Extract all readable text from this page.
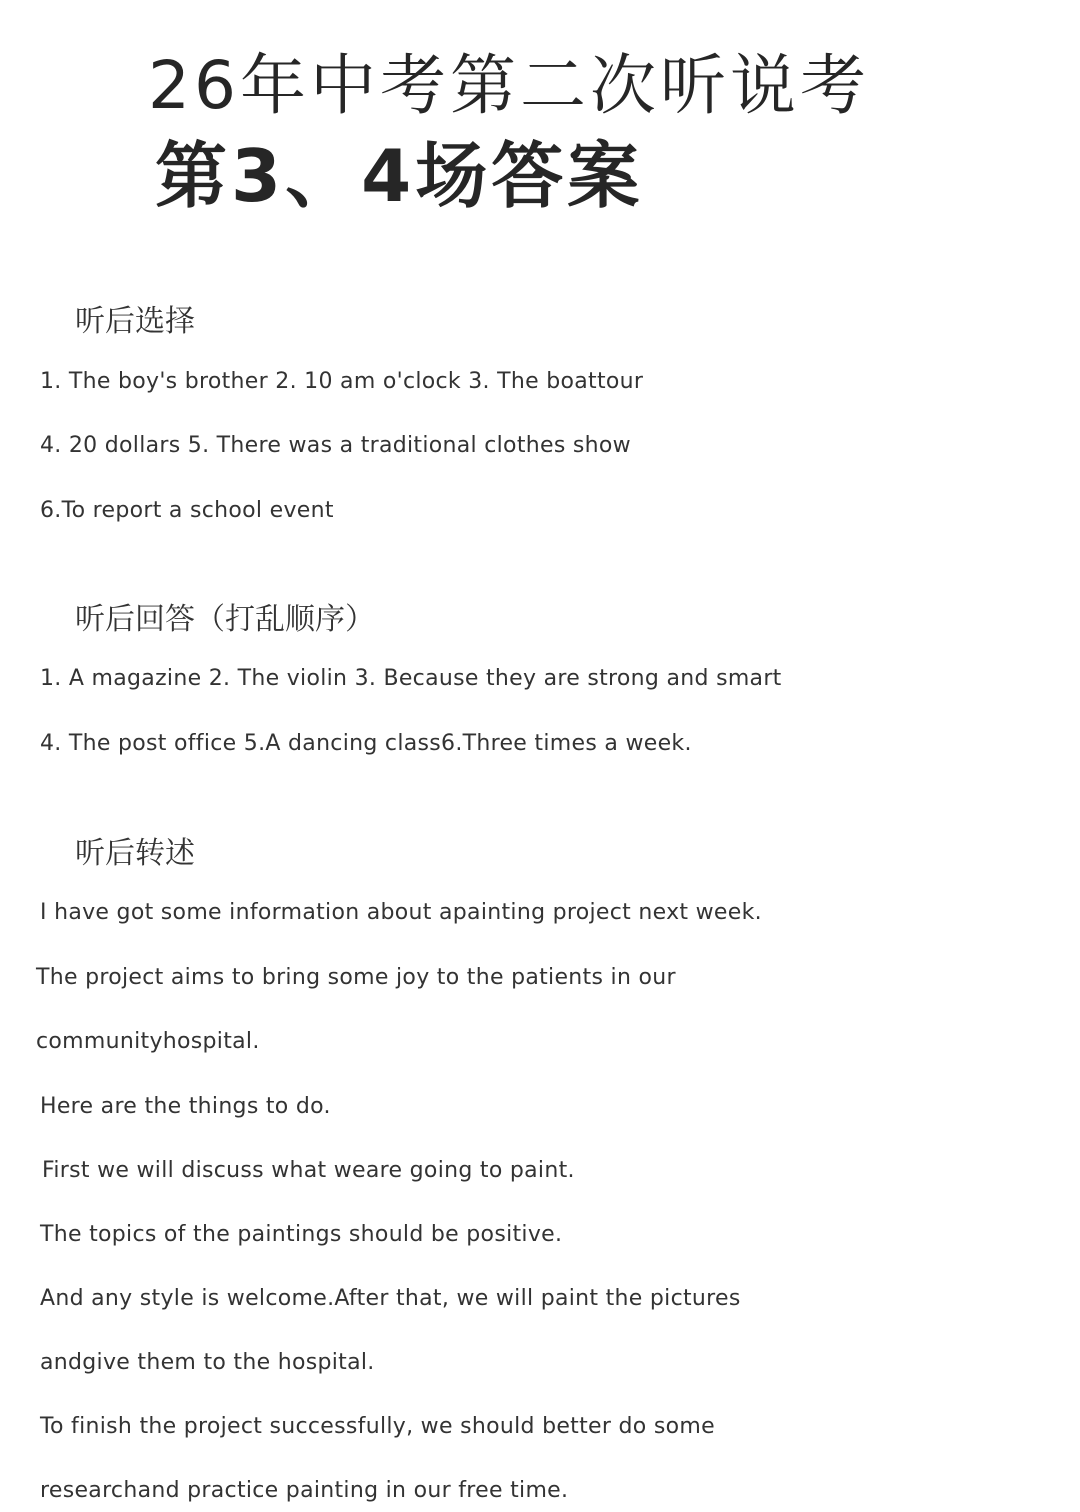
26年中考第二次听说考
第3、4场答案
听后选择

1. The boy's brother 2. 10 am o'clock 3. The boattour

4. 20 dollars 5. There was a traditional clothes show

6.To report a school event

听后回答（打乱顺序）

1. A magazine 2. The violin 3. Because they are strong and smart

4. The post office 5.A dancing class6.Three times a week.

听后转述

I have got some information about apainting project next week.

The project aims to bring some joy to the patients in our

communityhospital.

Here are the things to do.

First we will discuss what weare going to paint.

The topics of the paintings should be positive.

And any style is welcome.After that, we will paint the pictures

andgive them to the hospital.

To finish the project successfully, we should better do some

researchand practice painting in our free time.
